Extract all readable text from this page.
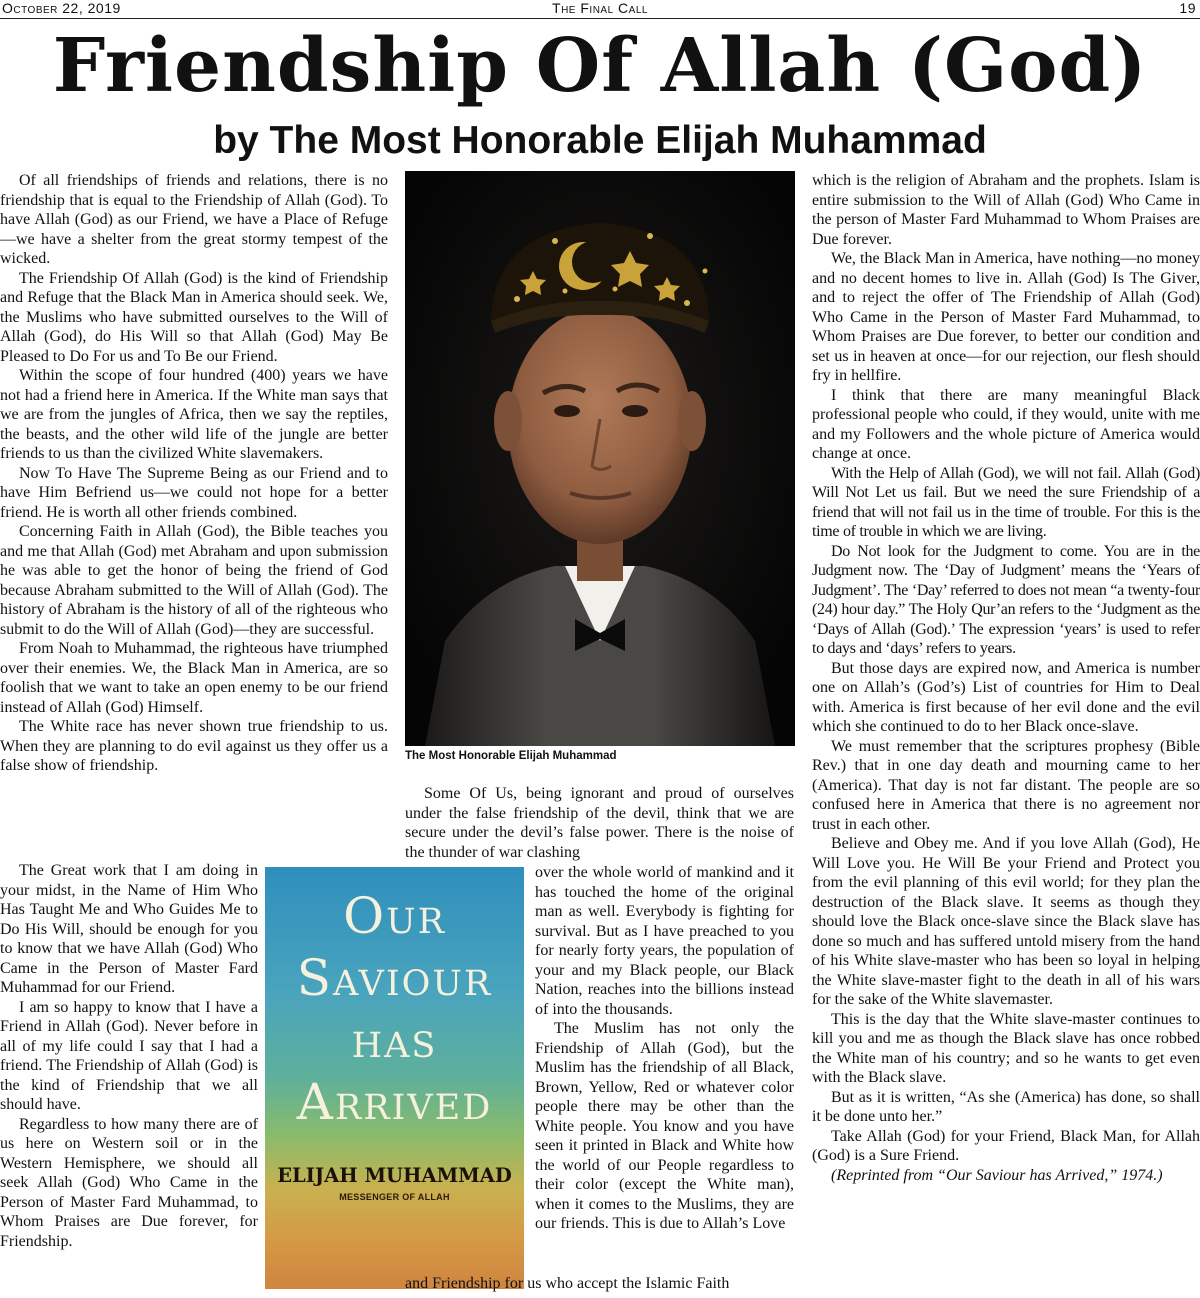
October 22, 2019	The Final Call	19
Friendship Of Allah (God)
by The Most Honorable Elijah Muhammad

Of all friendships of friends and relations, there is no friendship that is equal to the Friendship of Allah (God). To have Allah (God) as our Friend, we have a Place of Refuge—we have a shelter from the great stormy tempest of the wicked.

The Friendship Of Allah (God) is the kind of Friendship and Refuge that the Black Man in America should seek. We, the Muslims who have submitted ourselves to the Will of Allah (God), do His Will so that Allah (God) May Be Pleased to Do For us and To Be our Friend.

Within the scope of four hundred (400) years we have not had a friend here in America. If the White man says that we are from the jungles of Africa, then we say the reptiles, the beasts, and the other wild life of the jungle are better friends to us than the civilized White slavemakers.

Now To Have The Supreme Being as our Friend and to have Him Befriend us—we could not hope for a better friend. He is worth all other friends combined.

Concerning Faith in Allah (God), the Bible teaches you and me that Allah (God) met Abraham and upon submission he was able to get the honor of being the friend of God because Abraham submitted to the Will of Allah (God). The history of Abraham is the history of all of the righteous who submit to do the Will of Allah (God)—they are successful.

From Noah to Muhammad, the righteous have triumphed over their enemies. We, the Black Man in America, are so foolish that we want to take an open enemy to be our friend instead of Allah (God) Himself.

The White race has never shown true friendship to us. When they are planning to do evil against us they offer us a false show of friendship.

The Great work that I am doing in your midst, in the Name of Him Who Has Taught Me and Who Guides Me to Do His Will, should be enough for you to know that we have Allah (God) Who Came in the Person of Master Fard Muhammad for our Friend.

I am so happy to know that I have a Friend in Allah (God). Never before in all of my life could I say that I had a friend. The Friendship of Allah (God) is the kind of Friendship that we all should have.

Regardless to how many there are of us here on Western soil or in the Western Hemisphere, we should all seek Allah (God) Who Came in the Person of Master Fard Muhammad, to Whom Praises are Due forever, for Friendship.

The Most Honorable Elijah Muhammad

Some Of Us, being ignorant and proud of ourselves under the false friendship of the devil, think that we are secure under the devil’s false power. There is the noise of the thunder of war clashing

Our
Saviour
has
Arrived
ELIJAH MUHAMMAD
MESSENGER OF ALLAH

over the whole world of mankind and it has touched the home of the original man as well. Everybody is fighting for survival. But as I have preached to you for nearly forty years, the population of your and my Black people, our Black Nation, reaches into the billions instead of into the thousands.

The Muslim has not only the Friendship of Allah (God), but the Muslim has the friendship of all Black, Brown, Yellow, Red or whatever color people there may be other than the White people. You know and you have seen it printed in Black and White how the world of our People regardless to their color (except the White man), when it comes to the Muslims, they are our friends. This is due to Allah’s Love

and Friendship for us who accept the Islamic Faith

which is the religion of Abraham and the prophets. Islam is entire submission to the Will of Allah (God) Who Came in the person of Master Fard Muhammad to Whom Praises are Due forever.

We, the Black Man in America, have nothing—no money and no decent homes to live in. Allah (God) Is The Giver, and to reject the offer of The Friendship of Allah (God) Who Came in the Person of Master Fard Muhammad, to Whom Praises are Due forever, to better our condition and set us in heaven at once—for our rejection, our flesh should fry in hellfire.

I think that there are many meaningful Black professional people who could, if they would, unite with me and my Followers and the whole picture of America would change at once.

With the Help of Allah (God), we will not fail. Allah (God) Will Not Let us fail. But we need the sure Friendship of a friend that will not fail us in the time of trouble. For this is the time of trouble in which we are living.

Do Not look for the Judgment to come. You are in the Judgment now. The ‘Day of Judgment’ means the ‘Years of Judgment’. The ‘Day’ referred to does not mean “a twenty-four (24) hour day.” The Holy Qur’an refers to the ‘Judgment as the ‘Days of Allah (God).’ The expression ‘years’ is used to refer to days and ‘days’ refers to years.

But those days are expired now, and America is number one on Allah’s (God’s) List of countries for Him to Deal with. America is first because of her evil done and the evil which she continued to do to her Black once-slave.

We must remember that the scriptures prophesy (Bible Rev.) that in one day death and mourning came to her (America). That day is not far distant. The people are so confused here in America that there is no agreement nor trust in each other.

Believe and Obey me. And if you love Allah (God), He Will Love you. He Will Be your Friend and Protect you from the evil planning of this evil world; for they plan the destruction of the Black slave. It seems as though they should love the Black once-slave since the Black slave has done so much and has suffered untold misery from the hand of his White slave-master who has been so loyal in helping the White slave-master fight to the death in all of his wars for the sake of the White slavemaster.

This is the day that the White slave-master continues to kill you and me as though the Black slave has once robbed the White man of his country; and so he wants to get even with the Black slave.

But as it is written, “As she (America) has done, so shall it be done unto her.”

Take Allah (God) for your Friend, Black Man, for Allah (God) is a Sure Friend.

(Reprinted from “Our Saviour has Arrived,” 1974.)
